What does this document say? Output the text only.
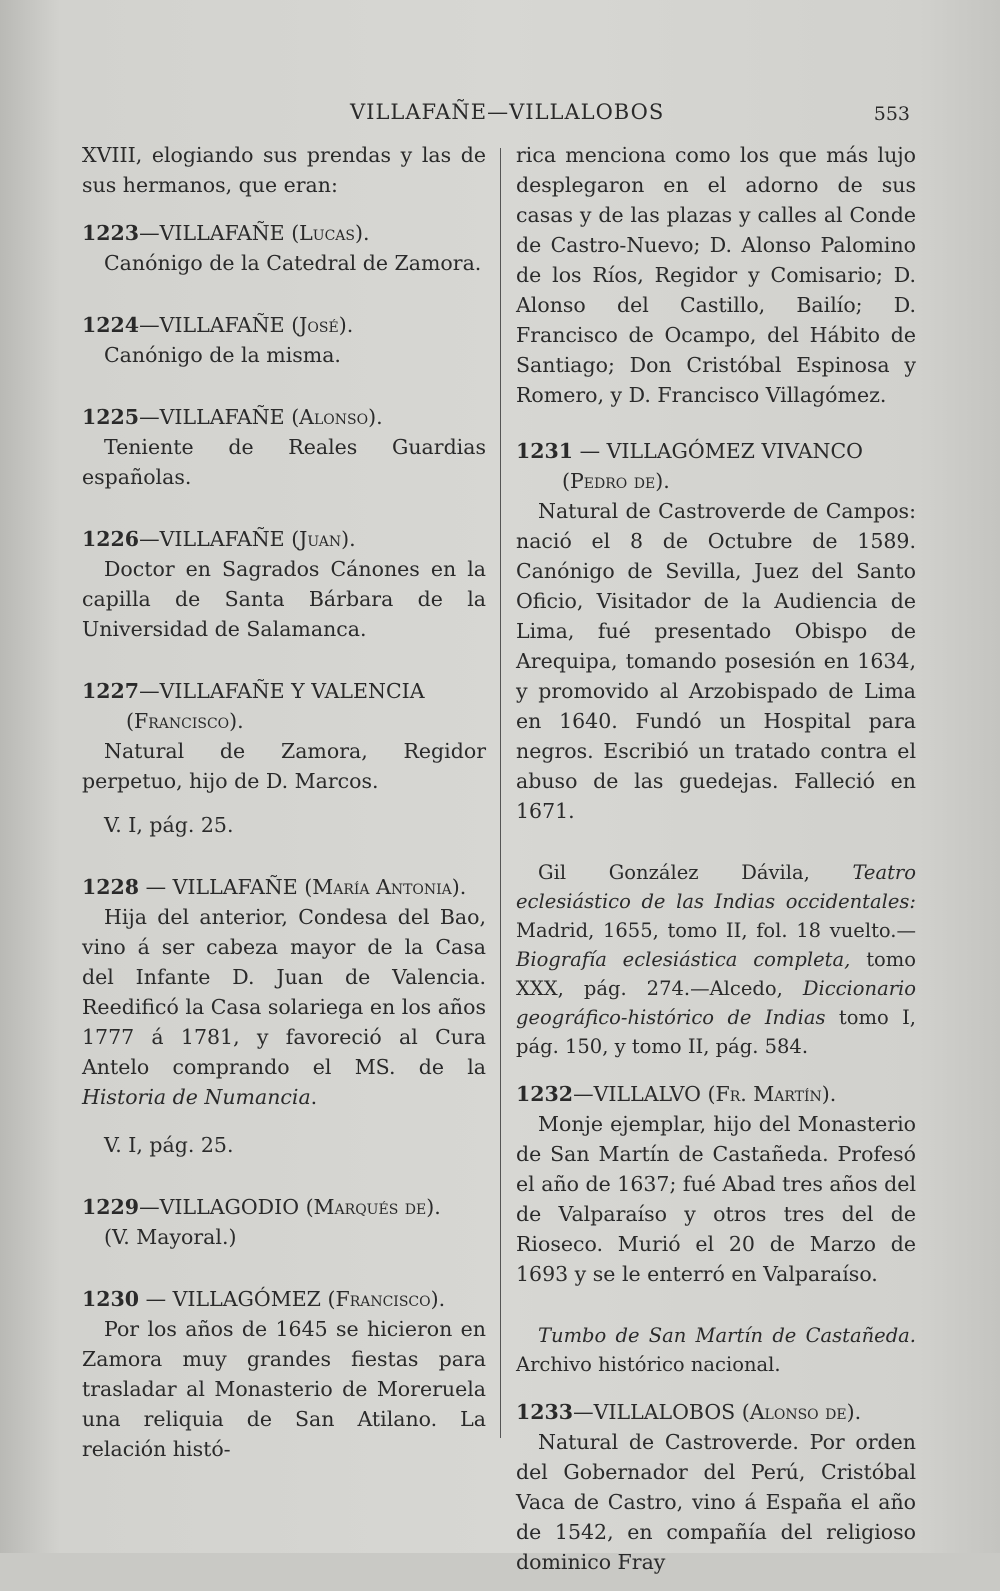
VILLAFAÑE—VILLALOBOS	553
XVIII, elogiando sus prendas y las de sus hermanos, que eran:
1223—VILLAFAÑE (Lucas).
Canónigo de la Catedral de Zamora.
1224—VILLAFAÑE (José).
Canónigo de la misma.
1225—VILLAFAÑE (Alonso).
Teniente de Reales Guardias españolas.
1226—VILLAFAÑE (Juan).
Doctor en Sagrados Cánones en la capilla de Santa Bárbara de la Universidad de Salamanca.
1227—VILLAFAÑE Y VALENCIA
(Francisco).
Natural de Zamora, Regidor perpetuo, hijo de D. Marcos.
V. I, pág. 25.
1228 — VILLAFAÑE (María Antonia).
Hija del anterior, Condesa del Bao, vino á ser cabeza mayor de la Casa del Infante D. Juan de Valencia. Reedificó la Casa solariega en los años 1777 á 1781, y favoreció al Cura Antelo comprando el MS. de la Historia de Numancia.
V. I, pág. 25.
1229—VILLAGODIO (Marqués de).
(V. Mayoral.)
1230 — VILLAGÓMEZ (Francisco).
Por los años de 1645 se hicieron en Zamora muy grandes fiestas para trasladar al Monasterio de Moreruela una reliquia de San Atilano. La relación histó-
rica menciona como los que más lujo desplegaron en el adorno de sus casas y de las plazas y calles al Conde de Castro-Nuevo; D. Alonso Palomino de los Ríos, Regidor y Comisario; D. Alonso del Castillo, Bailío; D. Francisco de Ocampo, del Hábito de Santiago; Don Cristóbal Espinosa y Romero, y D. Francisco Villagómez.
1231 — VILLAGÓMEZ VIVANCO
(Pedro de).
Natural de Castroverde de Campos: nació el 8 de Octubre de 1589. Canónigo de Sevilla, Juez del Santo Oficio, Visitador de la Audiencia de Lima, fué presentado Obispo de Arequipa, tomando posesión en 1634, y promovido al Arzobispado de Lima en 1640. Fundó un Hospital para negros. Escribió un tratado contra el abuso de las guedejas. Falleció en 1671.
Gil González Dávila, Teatro eclesiástico de las Indias occidentales: Madrid, 1655, tomo II, fol. 18 vuelto.—Biografía eclesiástica completa, tomo XXX, pág. 274.—Alcedo, Diccionario geográfico-histórico de Indias tomo I, pág. 150, y tomo II, pág. 584.
1232—VILLALVO (Fr. Martín).
Monje ejemplar, hijo del Monasterio de San Martín de Castañeda. Profesó el año de 1637; fué Abad tres años del de Valparaíso y otros tres del de Rioseco. Murió el 20 de Marzo de 1693 y se le enterró en Valparaíso.
Tumbo de San Martín de Castañeda. Archivo histórico nacional.
1233—VILLALOBOS (Alonso de).
Natural de Castroverde. Por orden del Gobernador del Perú, Cristóbal Vaca de Castro, vino á España el año de 1542, en compañía del religioso dominico Fray
